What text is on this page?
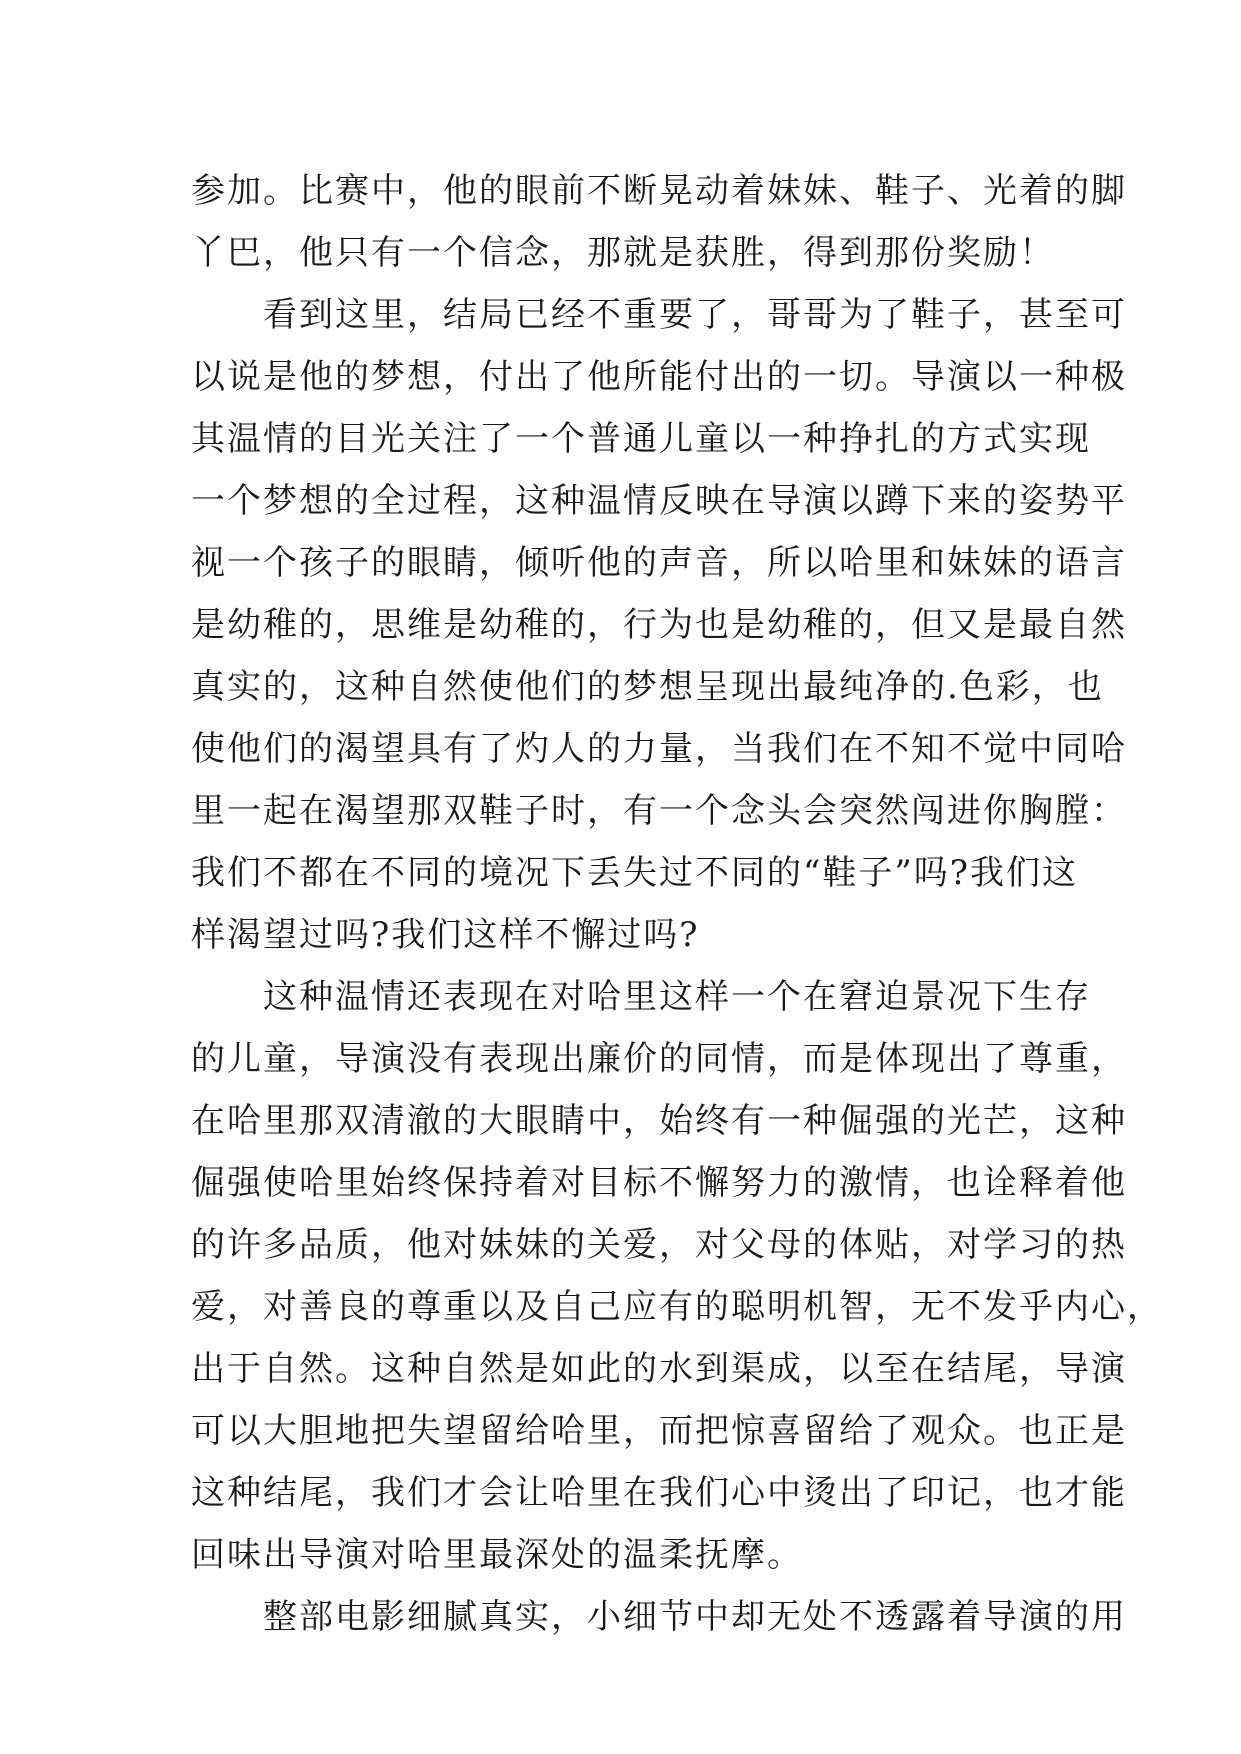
参加。比赛中，他的眼前不断晃动着妹妹、鞋子、光着的脚
丫巴，他只有一个信念，那就是获胜，得到那份奖励！
　　看到这里，结局已经不重要了，哥哥为了鞋子，甚至可
以说是他的梦想，付出了他所能付出的一切。导演以一种极
其温情的目光关注了一个普通儿童以一种挣扎的方式实现
一个梦想的全过程，这种温情反映在导演以蹲下来的姿势平
视一个孩子的眼睛，倾听他的声音，所以哈里和妹妹的语言
是幼稚的，思维是幼稚的，行为也是幼稚的，但又是最自然
真实的，这种自然使他们的梦想呈现出最纯净的.色彩，也
使他们的渴望具有了灼人的力量，当我们在不知不觉中同哈
里一起在渴望那双鞋子时，有一个念头会突然闯进你胸膛：
我们不都在不同的境况下丢失过不同的“鞋子”吗?我们这
样渴望过吗?我们这样不懈过吗?
　　这种温情还表现在对哈里这样一个在窘迫景况下生存
的儿童，导演没有表现出廉价的同情，而是体现出了尊重，
在哈里那双清澈的大眼睛中，始终有一种倔强的光芒，这种
倔强使哈里始终保持着对目标不懈努力的激情，也诠释着他
的许多品质，他对妹妹的关爱，对父母的体贴，对学习的热
爱，对善良的尊重以及自己应有的聪明机智，无不发乎内心，
出于自然。这种自然是如此的水到渠成，以至在结尾，导演
可以大胆地把失望留给哈里，而把惊喜留给了观众。也正是
这种结尾，我们才会让哈里在我们心中烫出了印记，也才能
回味出导演对哈里最深处的温柔抚摩。
　　整部电影细腻真实，小细节中却无处不透露着导演的用
